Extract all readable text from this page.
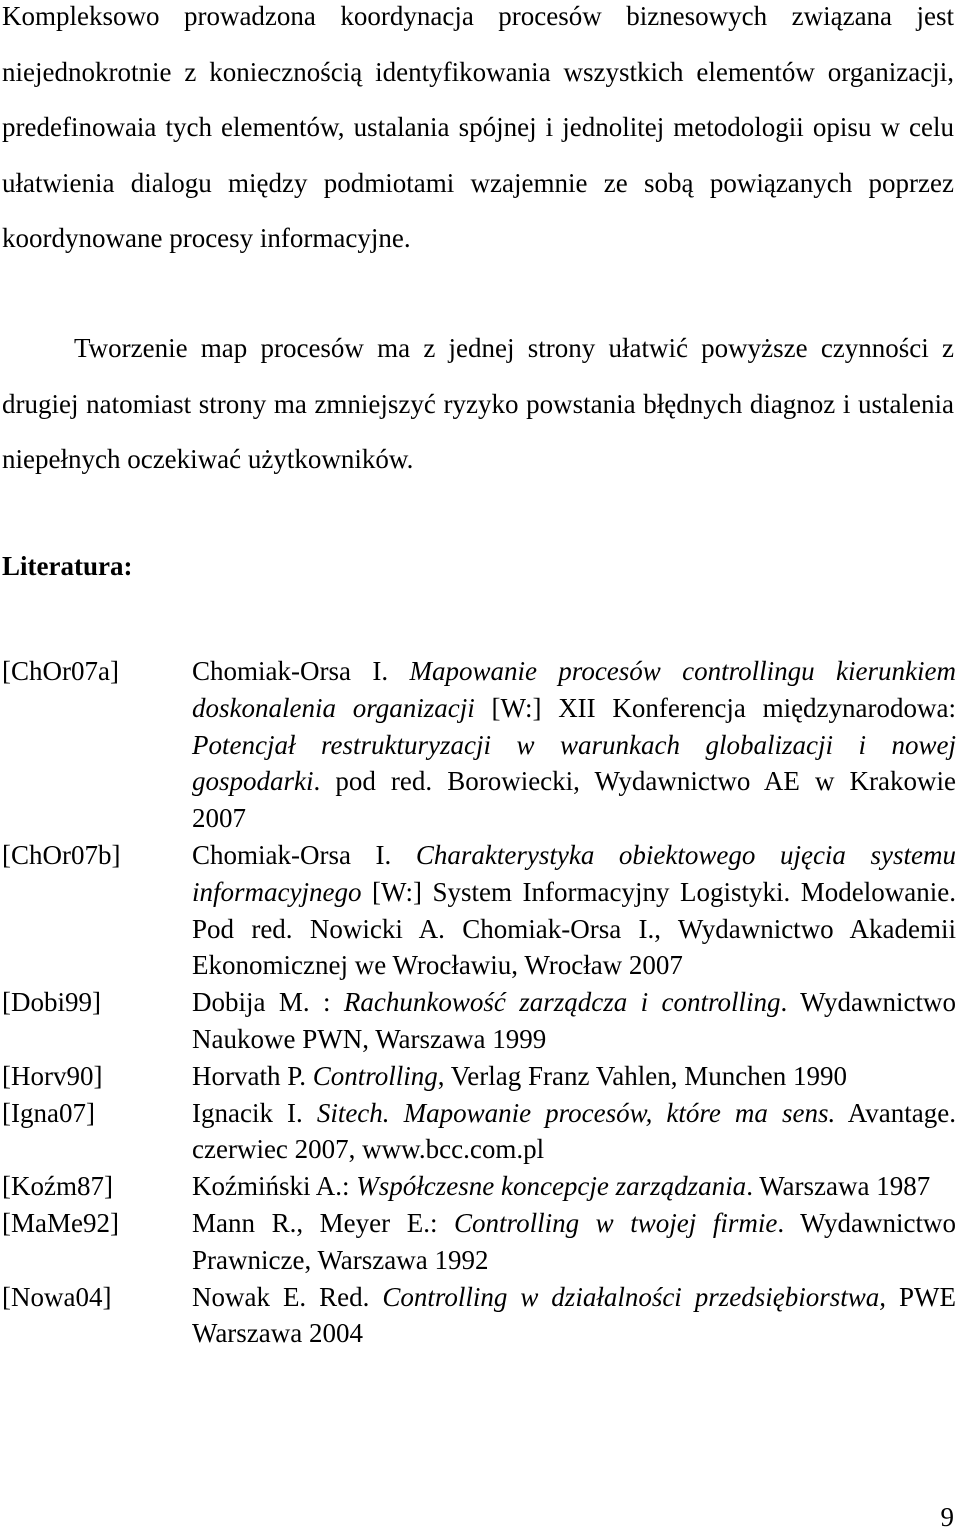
Kompleksowo prowadzona koordynacja procesów biznesowych związana jest niejednokrotnie z koniecznością identyfikowania wszystkich elementów organizacji, predefinowaia tych elementów, ustalania spójnej i jednolitej metodologii opisu w celu ułatwienia dialogu między podmiotami wzajemnie ze sobą powiązanych poprzez koordynowane procesy informacyjne.

Tworzenie map procesów ma z jednej strony ułatwić powyższe czynności z drugiej natomiast strony ma zmniejszyć ryzyko powstania błędnych diagnoz i ustalenia niepełnych oczekiwać użytkowników.

Literatura:
[ChOr07a]	Chomiak-Orsa I. Mapowanie procesów controllingu kierunkiem doskonalenia organizacji [W:] XII Konferencja międzynarodowa: Potencjał restrukturyzacji w warunkach globalizacji i nowej gospodarki. pod red. Borowiecki, Wydawnictwo AE w Krakowie 2007
[ChOr07b]	Chomiak-Orsa I. Charakterystyka obiektowego ujęcia systemu informacyjnego [W:] System Informacyjny Logistyki. Modelowanie. Pod red. Nowicki A. Chomiak-Orsa I., Wydawnictwo Akademii Ekonomicznej we Wrocławiu, Wrocław 2007
[Dobi99]	Dobija M. : Rachunkowość zarządcza i controlling. Wydawnictwo Naukowe PWN, Warszawa 1999
[Horv90]	Horvath P. Controlling, Verlag Franz Vahlen, Munchen 1990
[Igna07]	Ignacik I. Sitech. Mapowanie procesów, które ma sens. Avantage. czerwiec 2007, www.bcc.com.pl
[Koźm87]	Koźmiński A.: Współczesne koncepcje zarządzania. Warszawa 1987
[MaMe92]	Mann R., Meyer E.: Controlling w twojej firmie. Wydawnictwo Prawnicze, Warszawa 1992
[Nowa04]	Nowak E. Red. Controlling w działalności przedsiębiorstwa, PWE Warszawa 2004
9
